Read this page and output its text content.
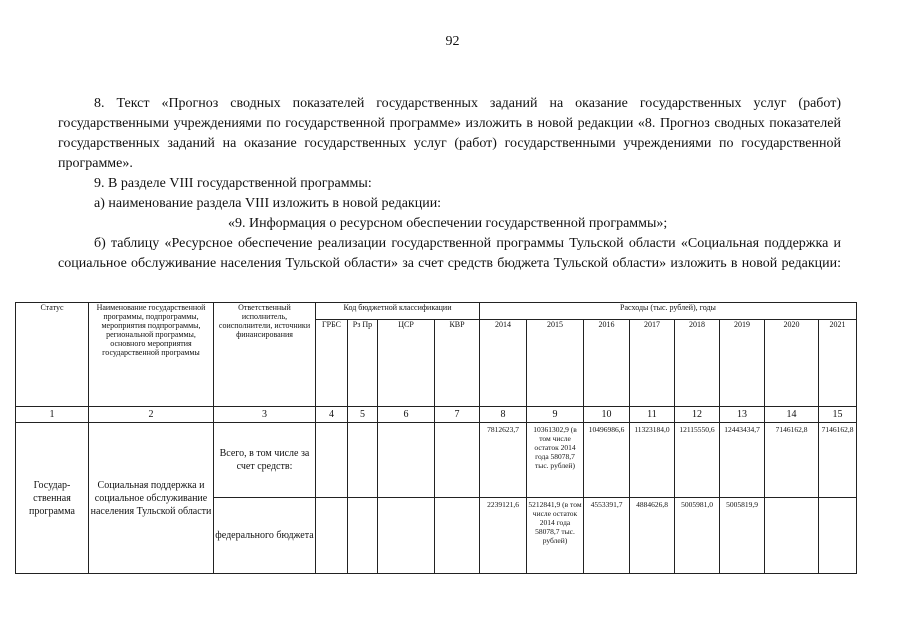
92

8. Текст «Прогноз сводных показателей государственных заданий на оказание государственных услуг (работ) государственными учреждениями по государственной программе» изложить в новой редакции «8. Прогноз сводных показателей государственных заданий на оказание государственных услуг (работ) государственными учреждениями по государственной программе».

9. В разделе VIII государственной программы:

а) наименование раздела VIII изложить в новой редакции:

«9. Информация о ресурсном обеспечении государственной программы»;

б) таблицу «Ресурсное обеспечение реализации государственной программы Тульской области «Социальная поддержка и социальное обслуживание населения Тульской области» за счет средств бюджета Тульской области» изложить в новой редакции:

Статус	Наименование государственной программы, подпрограммы, мероприятия подпрограммы, региональной программы, основного мероприятия государственной программы	Ответственный исполнитель, соисполнители, источники финансирования	Код бюджетной классификации				Расходы (тыс. рублей), годы							
			ГРБС	Рз Пр	ЦСР	КВР	2014	2015	2016	2017	2018	2019	2020	2021
1	2	3	4	5	6	7	8	9	10	11	12	13	14	15
Государ-ственная программа	Социальная поддержка и социальное обслуживание населения Тульской области	Всего, в том числе за счет средств:					7812623,7	10361302,9 (в том числе остаток 2014 года 58078,7 тыс. рублей)	10496986,6	11323184,0	12115550,6	12443434,7	7146162,8	7146162,8
		федерального бюджета					2239121,6	5212841,9 (в том числе остаток 2014 года 58078,7 тыс. рублей)	4553391,7	4884626,8	5005981,0	5005819,9		
